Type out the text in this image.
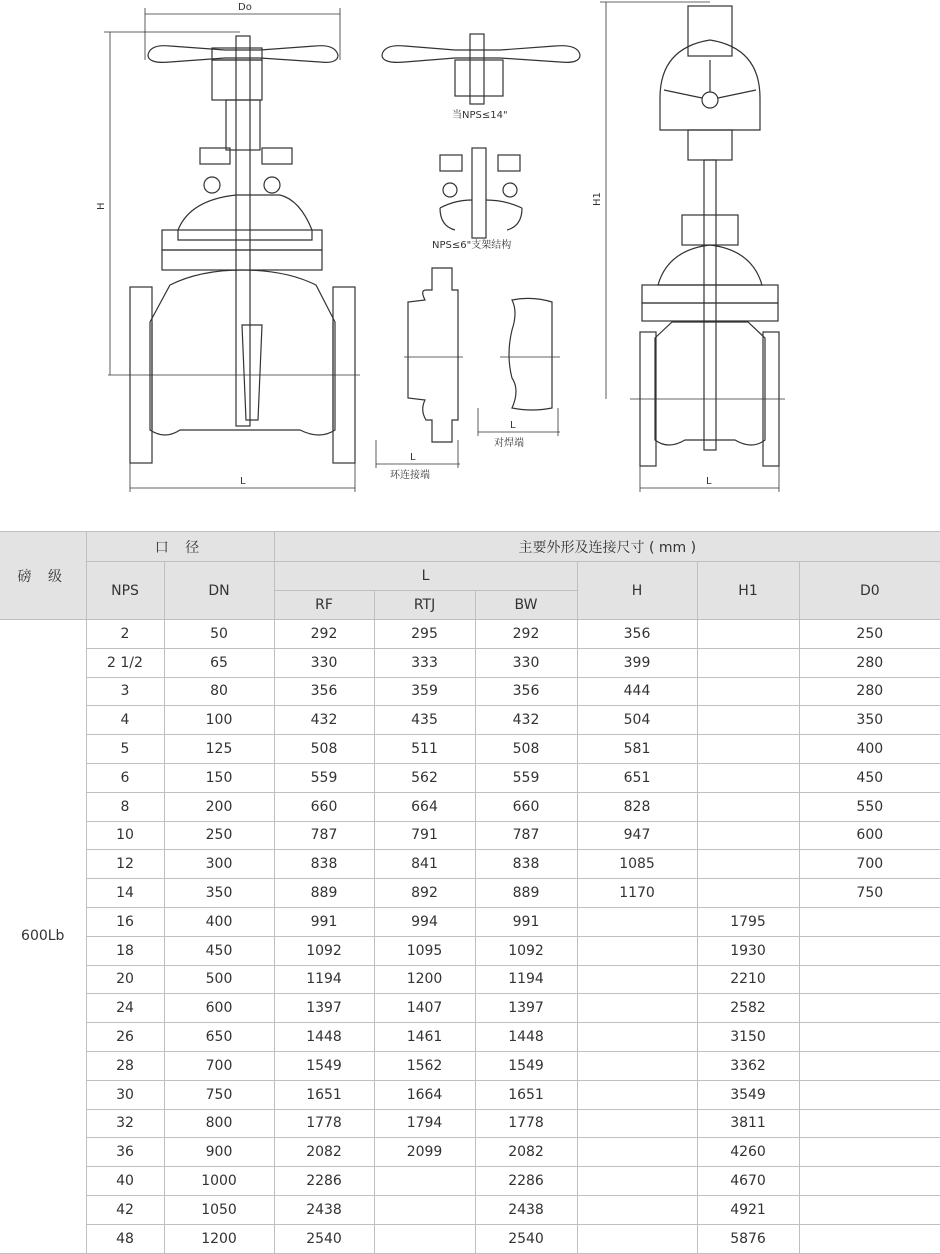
Do
H
L
当NPS≤14"
NPS≤6"支架结构
L
环连接端
L
对焊端
H1
L
磅 级	口 径		主要外形及连接尺寸 ( mm )					
	NPS	DN	L			H	H1	D0
			RF	RTJ	BW			
600Lb	2	50	292	295	292	356		250
	2 1/2	65	330	333	330	399		280
	3	80	356	359	356	444		280
	4	100	432	435	432	504		350
	5	125	508	511	508	581		400
	6	150	559	562	559	651		450
	8	200	660	664	660	828		550
	10	250	787	791	787	947		600
	12	300	838	841	838	1085		700
	14	350	889	892	889	1170		750
	16	400	991	994	991		1795	
	18	450	1092	1095	1092		1930	
	20	500	1194	1200	1194		2210	
	24	600	1397	1407	1397		2582	
	26	650	1448	1461	1448		3150	
	28	700	1549	1562	1549		3362	
	30	750	1651	1664	1651		3549	
	32	800	1778	1794	1778		3811	
	36	900	2082	2099	2082		4260	
	40	1000	2286		2286		4670	
	42	1050	2438		2438		4921	
	48	1200	2540		2540		5876	
